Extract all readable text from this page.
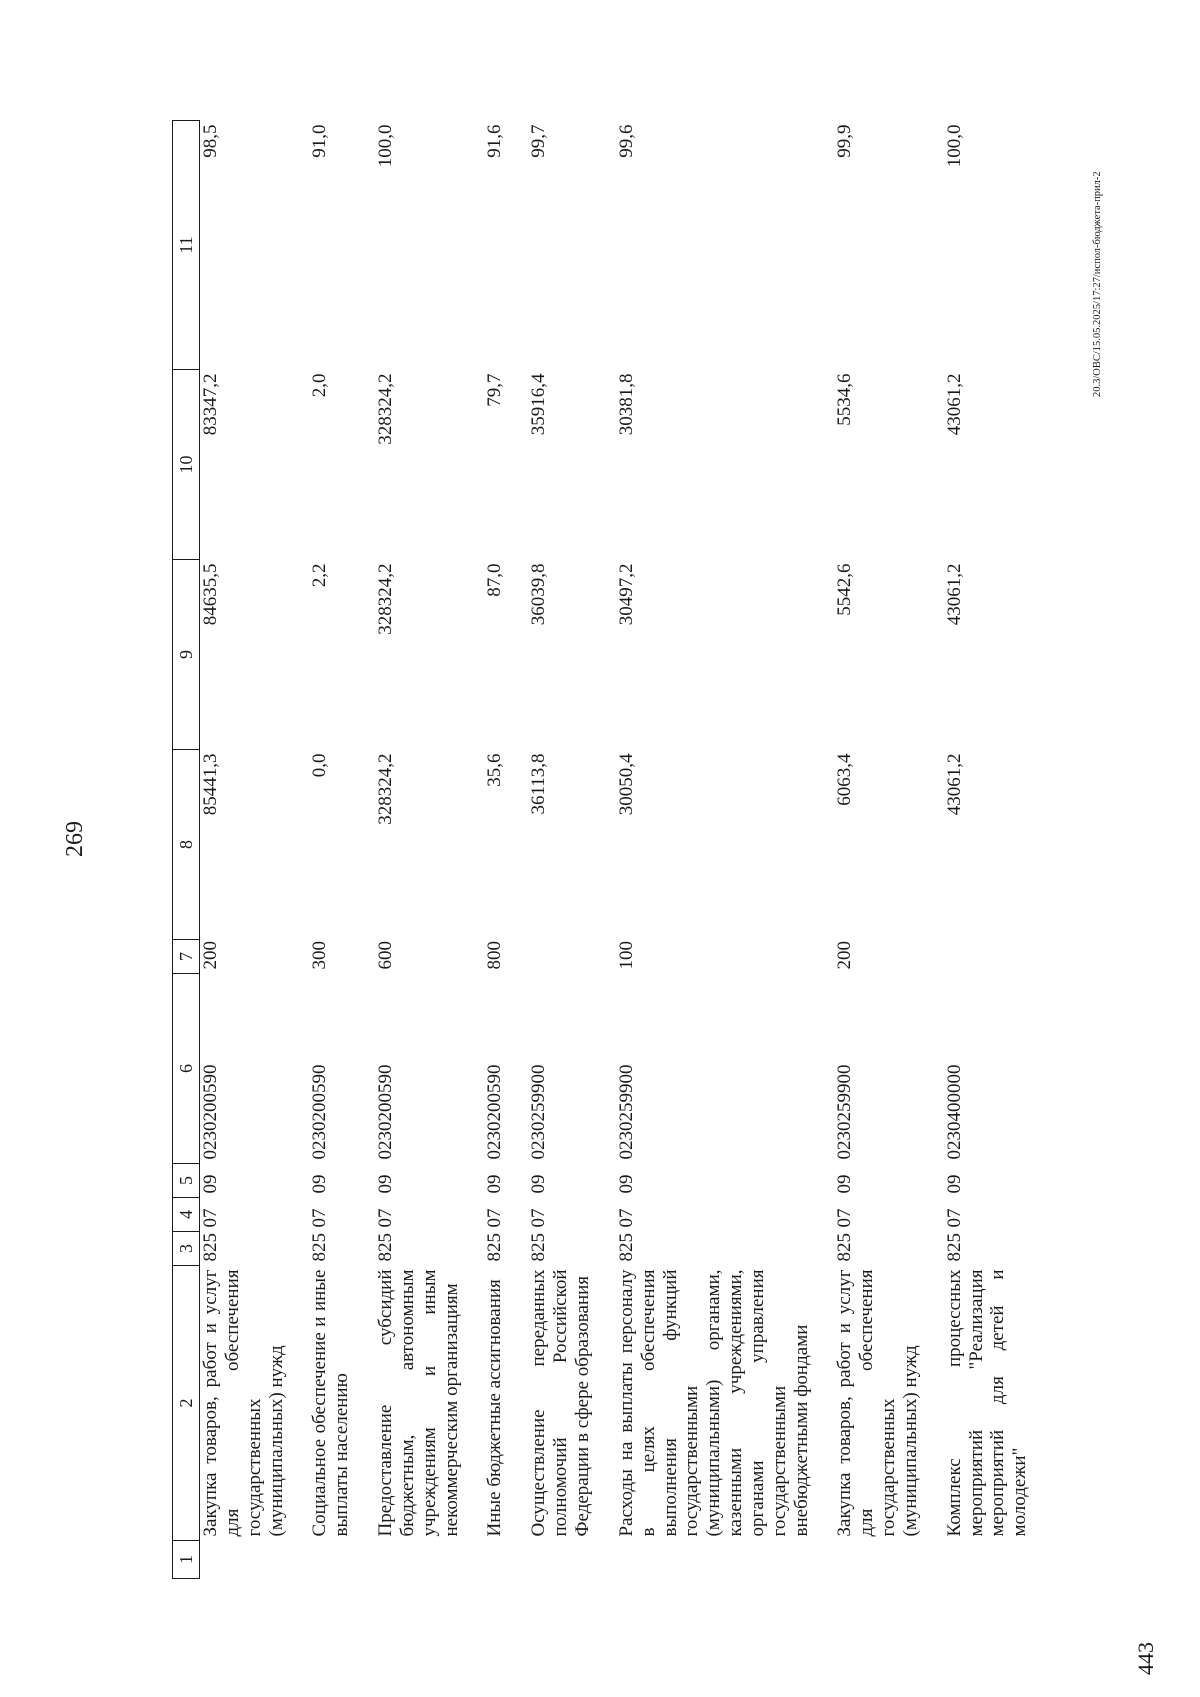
269
1	2	3	4	5	6	7	8	9	10	11
	Закупка товаров, работ и услуг для обеспечения государственных (муниципальных) нужд	825	07	09	0230200590	200	85441,3	84635,5	83347,2	98,5
	Социальное обеспечение и иные выплаты населению	825	07	09	0230200590	300	0,0	2,2	2,0	91,0
	Предоставление субсидий бюджетным, автономным учреждениям и иным некоммерческим организациям	825	07	09	0230200590	600	328324,2	328324,2	328324,2	100,0
	Иные бюджетные ассигнования	825	07	09	0230200590	800	35,6	87,0	79,7	91,6
	Осуществление переданных полномочий Российской Федерации в сфере образования	825	07	09	0230259900		36113,8	36039,8	35916,4	99,7
	Расходы на выплаты персоналу в целях обеспечения выполнения функций государственными (муниципальными) органами, казенными учреждениями, органами управления государственными внебюджетными фондами	825	07	09	0230259900	100	30050,4	30497,2	30381,8	99,6
	Закупка товаров, работ и услуг для обеспечения государственных (муниципальных) нужд	825	07	09	0230259900	200	6063,4	5542,6	5534,6	99,9
	Комплекс процессных мероприятий "Реализация мероприятий для детей и молодежи"	825	07	09	0230400000		43061,2	43061,2	43061,2	100,0
20.3/ОВС/15.05.2025/17:27/испол-бюджета-прил-2
443
